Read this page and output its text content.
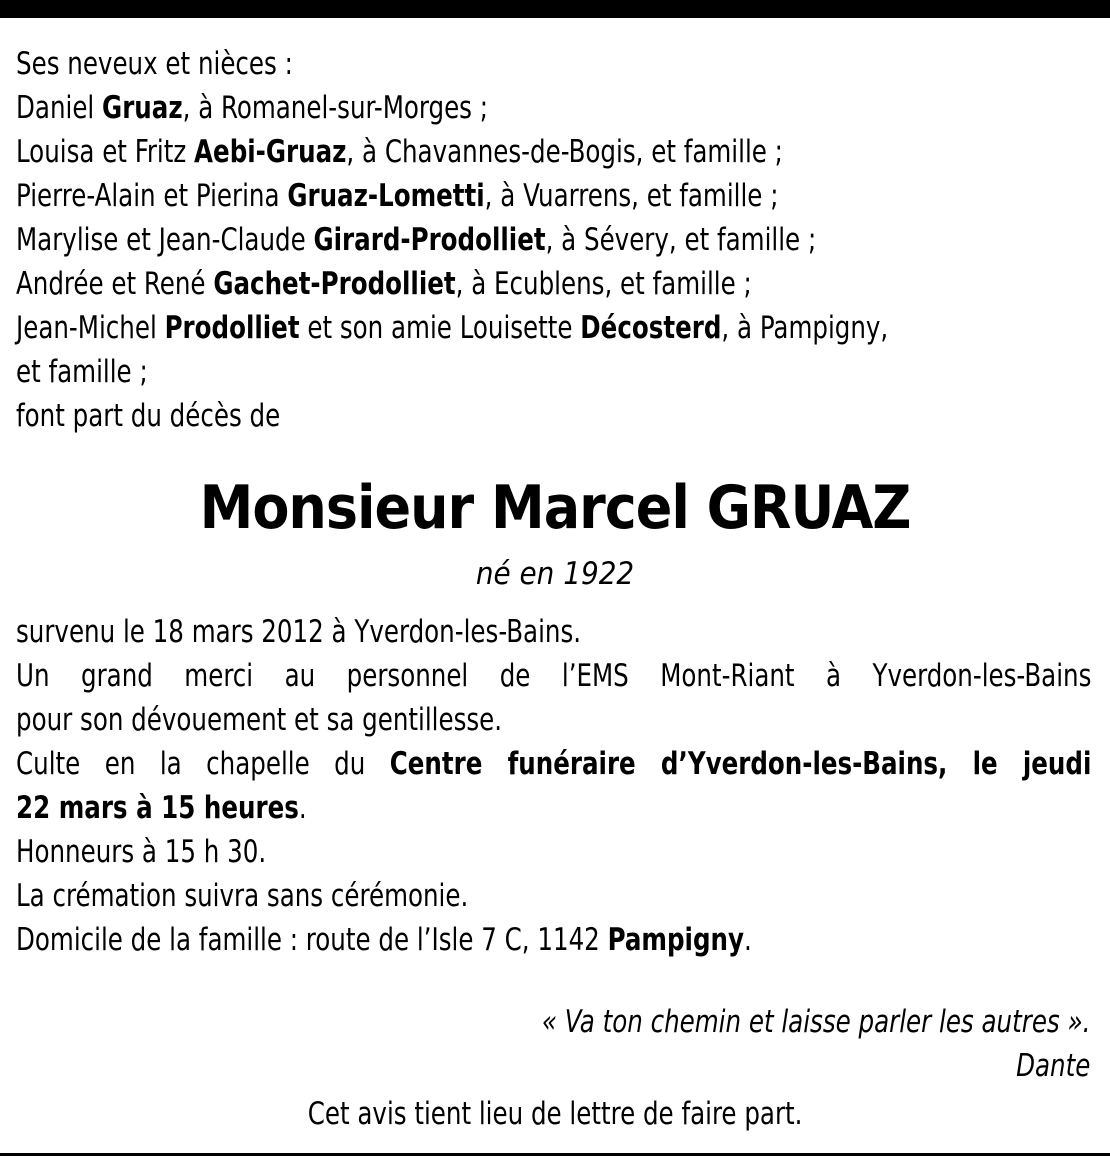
Ses neveux et nièces :
Daniel Gruaz, à Romanel-sur-Morges ;
Louisa et Fritz Aebi-Gruaz, à Chavannes-de-Bogis, et famille ;
Pierre-Alain et Pierina Gruaz-Lometti, à Vuarrens, et famille ;
Marylise et Jean-Claude Girard-Prodolliet, à Sévery, et famille ;
Andrée et René Gachet-Prodolliet, à Ecublens, et famille ;
Jean-Michel Prodolliet et son amie Louisette Décosterd, à Pampigny,
et famille ;
font part du décès de
Monsieur Marcel GRUAZ
né en 1922
survenu le 18 mars 2012 à Yverdon-les-Bains.
Un grand merci au personnel de l’EMS Mont-Riant à Yverdon-les-Bains
pour son dévouement et sa gentillesse.
Culte en la chapelle du Centre funéraire d’Yverdon-les-Bains, le jeudi
22 mars à 15 heures.
Honneurs à 15 h 30.
La crémation suivra sans cérémonie.
Domicile de la famille : route de l’Isle 7 C, 1142 Pampigny.
« Va ton chemin et laisse parler les autres ».
Dante
Cet avis tient lieu de lettre de faire part.
